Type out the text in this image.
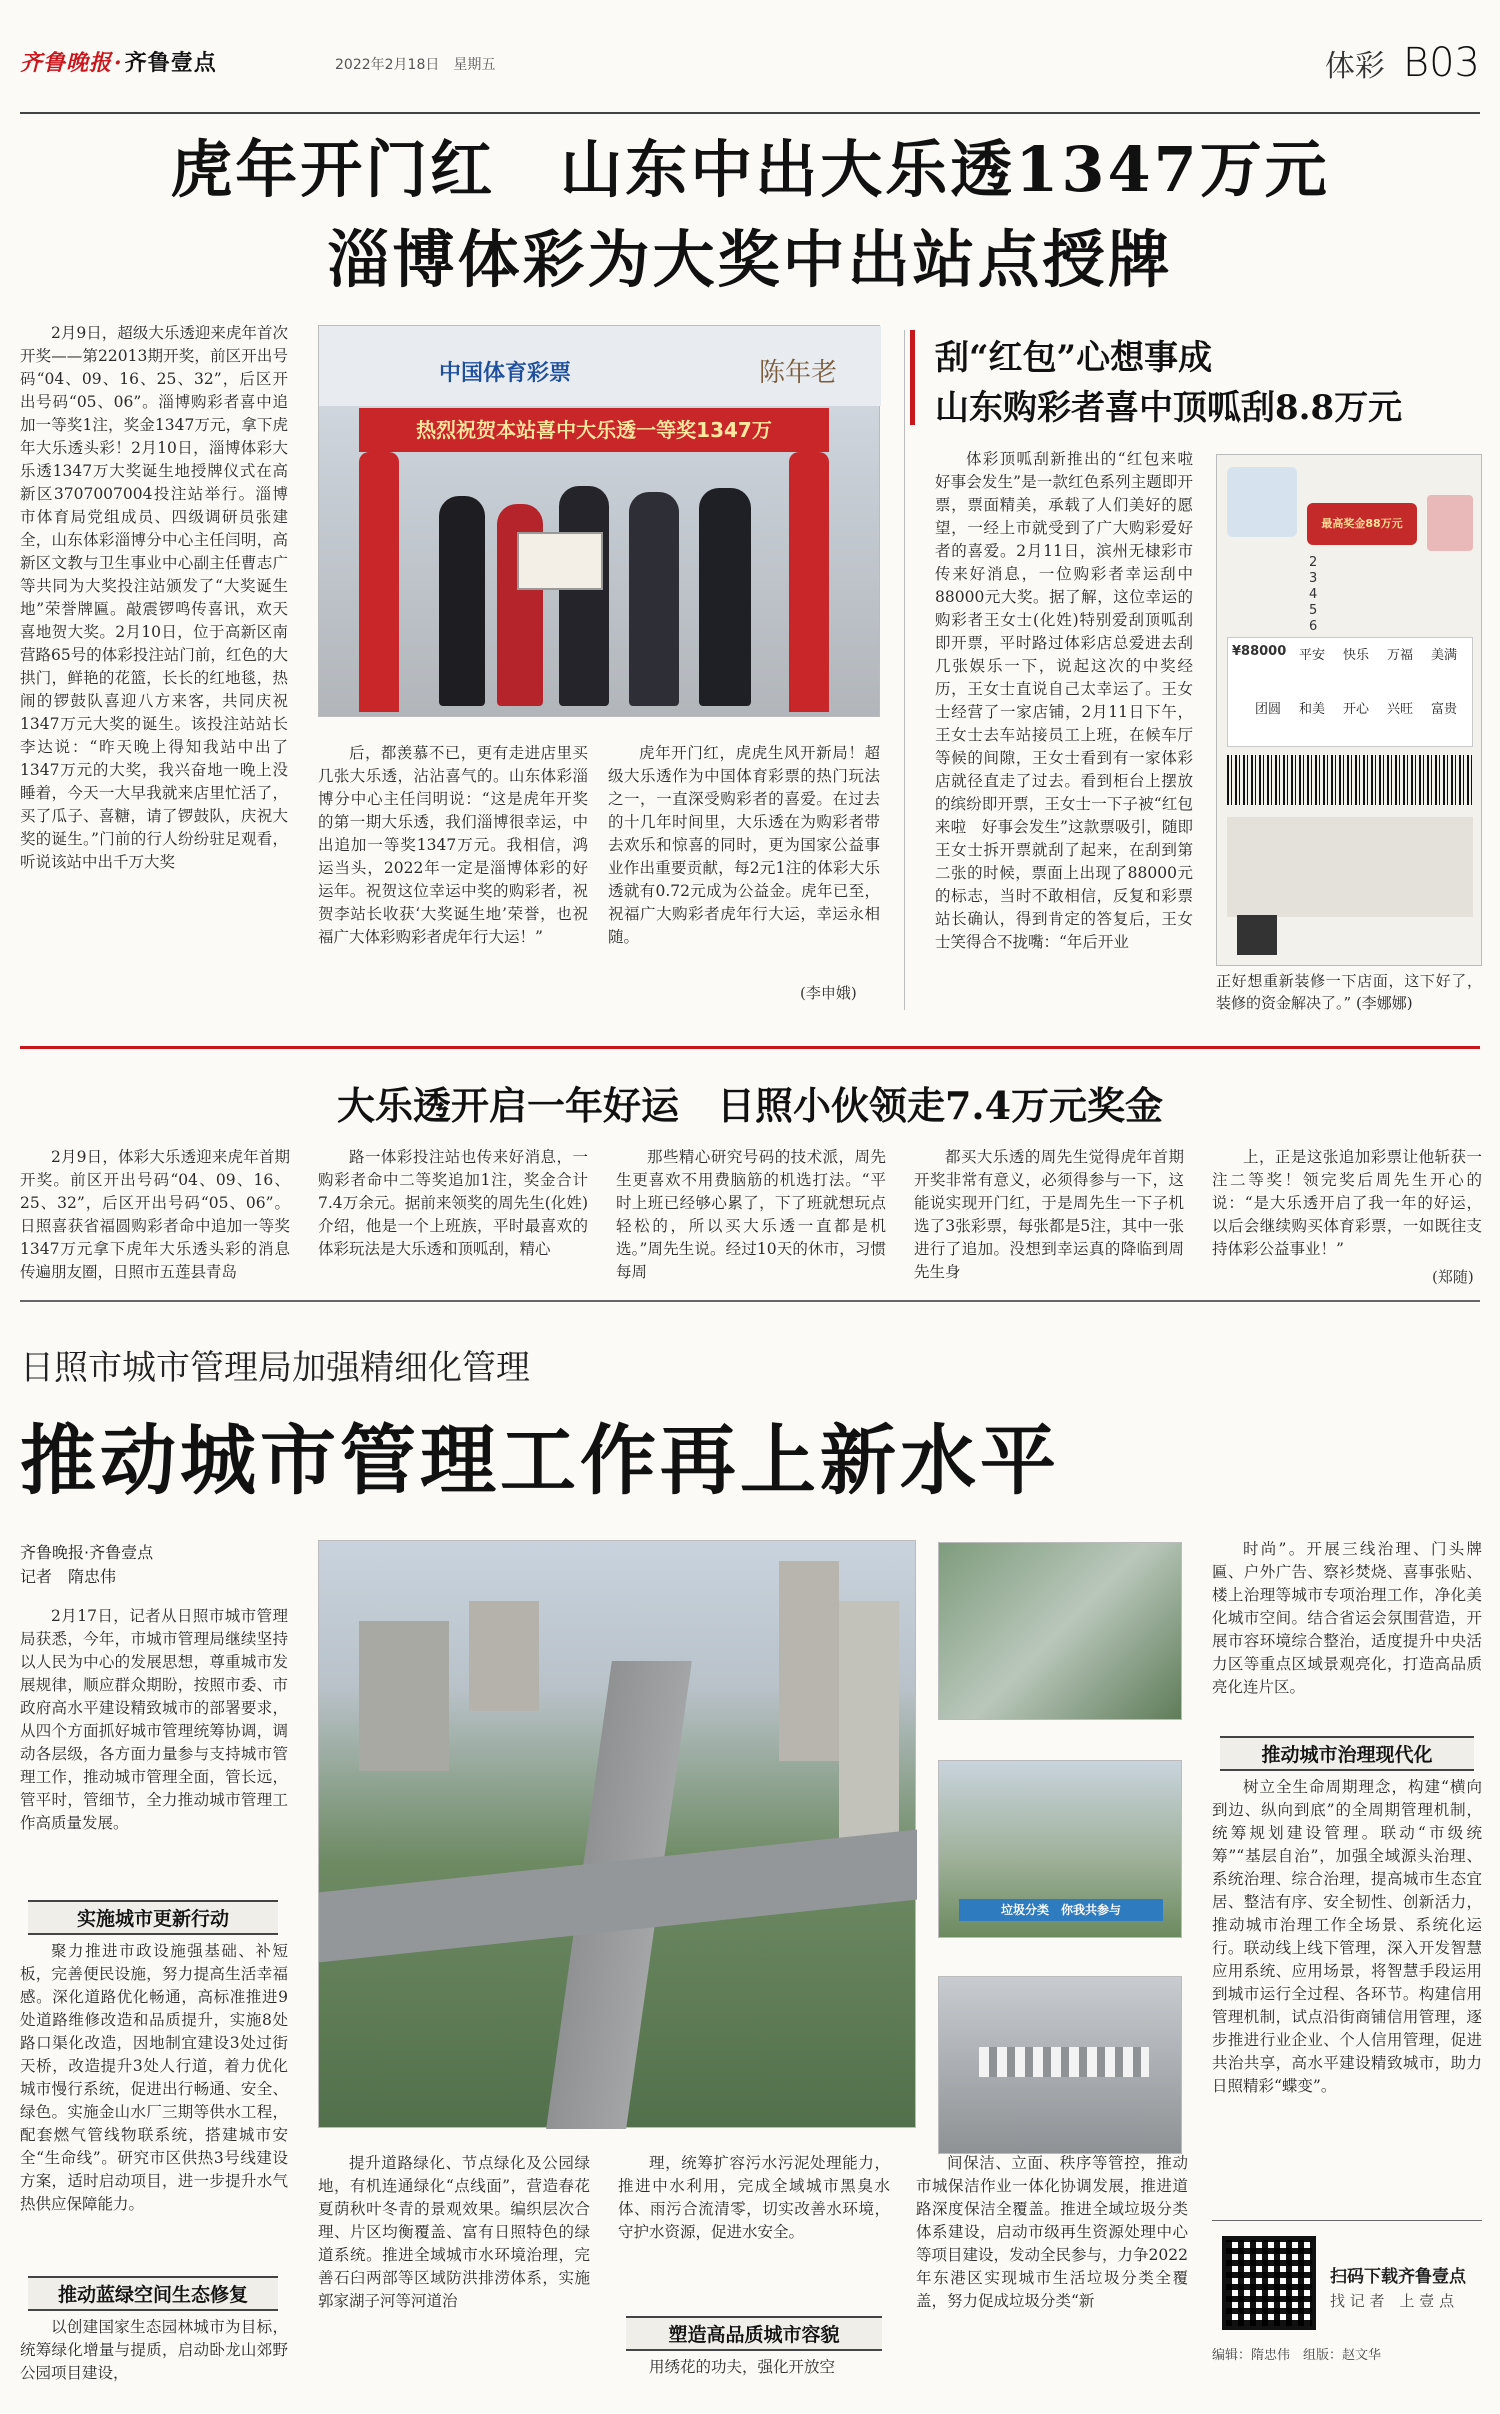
齐鲁晚报·齐鲁壹点	2022年2月18日　星期五	体彩 B03
虎年开门红　山东中出大乐透1347万元
淄博体彩为大奖中出站点授牌

2月9日，超级大乐透迎来虎年首次开奖——第22013期开奖，前区开出号码“04、09、16、25、32”，后区开出号码“05、06”。淄博购彩者喜中追加一等奖1注，奖金1347万元，拿下虎年大乐透头彩！2月10日，淄博体彩大乐透1347万大奖诞生地授牌仪式在高新区3707007004投注站举行。淄博市体育局党组成员、四级调研员张建全，山东体彩淄博分中心主任闫明，高新区文教与卫生事业中心副主任曹志广等共同为大奖投注站颁发了“大奖诞生地”荣誉牌匾。敲震锣鸣传喜讯，欢天喜地贺大奖。2月10日，位于高新区南营路65号的体彩投注站门前，红色的大拱门，鲜艳的花篮，长长的红地毯，热闹的锣鼓队喜迎八方来客，共同庆祝1347万元大奖的诞生。该投注站站长李达说：“昨天晚上得知我站中出了1347万元的大奖，我兴奋地一晚上没睡着，今天一大早我就来店里忙活了，买了瓜子、喜糖，请了锣鼓队，庆祝大奖的诞生。”门前的行人纷纷驻足观看，听说该站中出千万大奖

中国体育彩票	陈年老
热烈祝贺本站喜中大乐透一等奖1347万

后，都羡慕不已，更有走进店里买几张大乐透，沾沾喜气的。山东体彩淄博分中心主任闫明说：“这是虎年开奖的第一期大乐透，我们淄博很幸运，中出追加一等奖1347万元。我相信，鸿运当头，2022年一定是淄博体彩的好运年。祝贺这位幸运中奖的购彩者，祝贺李站长收获‘大奖诞生地’荣誉，也祝福广大体彩购彩者虎年行大运！”

虎年开门红，虎虎生风开新局！超级大乐透作为中国体育彩票的热门玩法之一，一直深受购彩者的喜爱。在过去的十几年时间里，大乐透在为购彩者带去欢乐和惊喜的同时，更为国家公益事业作出重要贡献，每2元1注的体彩大乐透就有0.72元成为公益金。虎年已至，祝福广大购彩者虎年行大运，幸运永相随。

(李申娥)
刮“红包”心想事成
山东购彩者喜中顶呱刮8.8万元

体彩顶呱刮新推出的“红包来啦　好事会发生”是一款红色系列主题即开票，票面精美，承载了人们美好的愿望，一经上市就受到了广大购彩爱好者的喜爱。2月11日，滨州无棣彩市传来好消息，一位购彩者幸运刮中88000元大奖。据了解，这位幸运的购彩者王女士(化姓)特别爱刮顶呱刮即开票，平时路过体彩店总爱进去刮几张娱乐一下，说起这次的中奖经历，王女士直说自己太幸运了。王女士经营了一家店铺，2月11日下午，王女士去车站接员工上班，在候车厅等候的间隙，王女士看到有一家体彩店就径直走了过去。看到柜台上摆放的缤纷即开票，王女士一下子被“红包来啦　好事会发生”这款票吸引，随即王女士拆开票就刮了起来，在刮到第二张的时候，票面上出现了88000元的标志，当时不敢相信，反复和彩票站长确认，得到肯定的答复后，王女士笑得合不拢嘴：“年后开业

最高奖金88万元
2
3
4
5
6
¥88000 平安	快乐	万福	美满
团圆	和美	开心	兴旺	富贵
正好想重新装修一下店面，这下好了，装修的资金解决了。” (李娜娜)
大乐透开启一年好运　日照小伙领走7.4万元奖金

2月9日，体彩大乐透迎来虎年首期开奖。前区开出号码“04、09、16、25、32”，后区开出号码“05、06”。 日照喜获省福圆购彩者命中追加一等奖1347万元拿下虎年大乐透头彩的消息传遍朋友圈，日照市五莲县青岛

路一体彩投注站也传来好消息，一购彩者命中二等奖追加1注，奖金合计7.4万余元。据前来领奖的周先生(化姓)介绍，他是一个上班族，平时最喜欢的体彩玩法是大乐透和顶呱刮，精心

那些精心研究号码的技术派，周先生更喜欢不用费脑筋的机选打法。“平时上班已经够心累了，下了班就想玩点轻松的，所以买大乐透一直都是机选。”周先生说。经过10天的休市，习惯每周

都买大乐透的周先生觉得虎年首期开奖非常有意义，必须得参与一下，这能说实现开门红，于是周先生一下子机选了3张彩票，每张都是5注，其中一张进行了追加。没想到幸运真的降临到周先生身

上，正是这张追加彩票让他斩获一注二等奖！领完奖后周先生开心的说：“是大乐透开启了我一年的好运，以后会继续购买体育彩票，一如既往支持体彩公益事业！”

(郑随)
日照市城市管理局加强精细化管理
推动城市管理工作再上新水平
齐鲁晚报·齐鲁壹点
记者　隋忠伟

2月17日，记者从日照市城市管理局获悉，今年，市城市管理局继续坚持以人民为中心的发展思想，尊重城市发展规律，顺应群众期盼，按照市委、市政府高水平建设精致城市的部署要求，从四个方面抓好城市管理统筹协调，调动各层级，各方面力量参与支持城市管理工作，推动城市管理全面，管长远，管平时，管细节，全力推动城市管理工作高质量发展。

实施城市更新行动

聚力推进市政设施强基础、补短板，完善便民设施，努力提高生活幸福感。深化道路优化畅通，高标准推进9处道路维修改造和品质提升，实施8处路口渠化改造，因地制宜建设3处过街天桥，改造提升3处人行道，着力优化城市慢行系统，促进出行畅通、安全、绿色。实施金山水厂三期等供水工程，配套燃气管线物联系统，搭建城市安全“生命线”。研究市区供热3号线建设方案，适时启动项目，进一步提升水气热供应保障能力。

推动蓝绿空间生态修复

以创建国家生态园林城市为目标，统筹绿化增量与提质，启动卧龙山郊野公园项目建设，

提升道路绿化、节点绿化及公园绿地，有机连通绿化“点线面”，营造春花夏荫秋叶冬青的景观效果。编织层次合理、片区均衡覆盖、富有日照特色的绿道系统。推进全域城市水环境治理，完善石臼两部等区域防洪排涝体系，实施郭家湖子河等河道治

理，统筹扩容污水污泥处理能力，推进中水利用，完成全域城市黑臭水体、雨污合流清零，切实改善水环境，守护水资源，促进水安全。

塑造高品质城市容貌

用绣花的功夫，强化开放空

间保洁、立面、秩序等管控，推动市城保洁作业一体化协调发展，推进道路深度保洁全覆盖。推进全域垃圾分类体系建设，启动市级再生资源处理中心等项目建设，发动全民参与，力争2022年东港区实现城市生活垃圾分类全覆盖，努力促成垃圾分类“新

垃圾分类　你我共参与

时尚”。开展三线治理、门头牌匾、户外广告、察衫焚烧、喜事张贴、楼上治理等城市专项治理工作，净化美化城市空间。结合省运会氛围营造，开展市容环境综合整治，适度提升中央活力区等重点区域景观亮化，打造高品质亮化连片区。

推动城市治理现代化

树立全生命周期理念，构建“横向到边、纵向到底”的全周期管理机制，统筹规划建设管理。联动“市级统筹”“基层自治”，加强全域源头治理、系统治理、综合治理，提高城市生态宜居、整洁有序、安全韧性、创新活力，推动城市治理工作全场景、系统化运行。联动线上线下管理，深入开发智慧应用系统、应用场景，将智慧手段运用到城市运行全过程、各环节。构建信用管理机制，试点沿街商铺信用管理，逐步推进行业企业、个人信用管理，促进共治共享，高水平建设精致城市，助力日照精彩“蝶变”。

扫码下载齐鲁壹点
找 记 者　上 壹 点
编辑：隋忠伟　组版：赵文华
